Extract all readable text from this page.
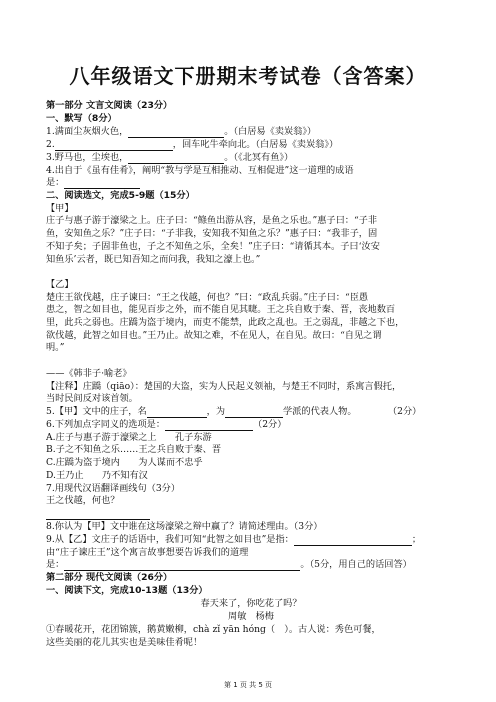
八年级语文下册期末考试卷（含答案）
第一部分 文言文阅读（23分）
一、默写（8分）
1.满面尘灰烟火色，	。（白居易《卖炭翁》）
2.	，回车叱牛牵向北。（白居易《卖炭翁》）
3.野马也，尘埃也，	。（《北冥有鱼》）
4.出自于《虽有佳肴》，阐明“教与学是互相推动、互相促进”这一道理的成语
是：
二、阅读选文，完成5-9题（15分）
【甲】
庄子与惠子游于濠梁之上。庄子曰：“鲦鱼出游从容，是鱼之乐也。”惠子曰：“子非
鱼，安知鱼之乐？”庄子曰：“子非我，安知我不知鱼之乐？”惠子曰：“我非子，固
不知子矣；子固非鱼也，子之不知鱼之乐，全矣！”庄子曰：“请循其本。子曰‘汝安
知鱼乐’云者，既已知吾知之而问我，我知之濠上也。”
【乙】
楚庄王欲伐越，庄子谏曰：“王之伐越，何也？”曰：“政乱兵弱。”庄子曰：“臣愚
患之，智之如目也，能见百步之外，而不能自见其睫。王之兵自败于秦、晋，丧地数百
里，此兵之弱也。庄蹻为盗于境内，而吏不能禁，此政之乱也。王之弱乱，非越之下也，
欲伐越，此智之如目也。”王乃止。故知之难，不在见人，在自见。故曰：“自见之谓
明。”
——《韩非子·喻老》
【注释】庄蹻（qiāo）：楚国的大盗，实为人民起义领袖，与楚王不同时，系寓言假托，
当时民间反对该首领。
5.【甲】文中的庄子，名	，为	学派的代表人物。	（2分）
6.下列加点字同义的选项是：	（2分）
A.庄子与惠子游于濠梁之上　　孔子东游
B.子之不知鱼之乐……王之兵自败于秦、晋
C.庄蹻为盗于境内　　为人谋而不忠乎
D.王乃止　　乃不知有汉
7.用现代汉语翻译画线句（3分）
王之伐越，何也？
8.你认为【甲】文中谁在这场濠梁之辩中赢了？请简述理由。（3分）
9.从【乙】文庄子的话语中，我们可知“此智之如目也”是指：	；
由“庄子谏庄王”这个寓言故事想要告诉我们的道理
是：	。（5分，用自己的话回答）
第二部分 现代文阅读（26分）
一、阅读下文，完成10-13题（13分）
春天来了，你吃花了吗？
周敏　杨梅
①春暖花开，花团锦簇，鹅黄嫩柳，chà zǐ yān hóng（　）。古人说：秀色可餐，
这些美丽的花儿其实也是美味佳肴呢！
第 1 页 共 5 页
